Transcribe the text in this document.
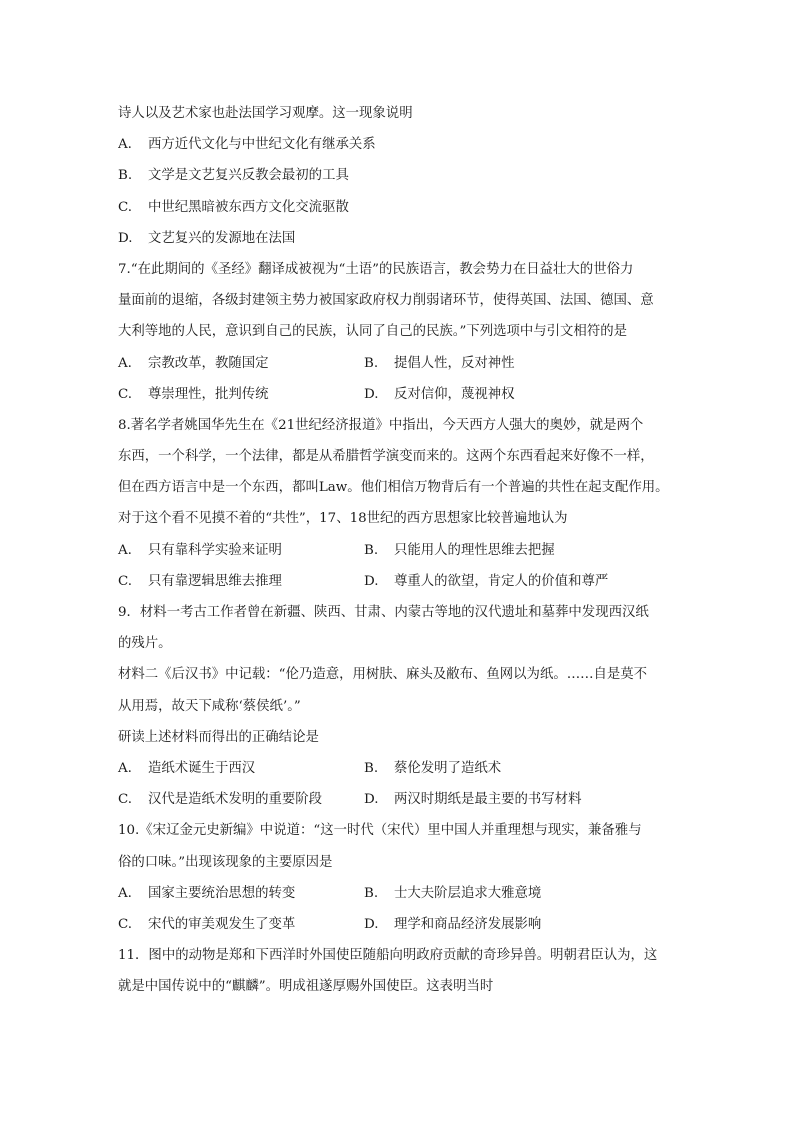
诗人以及艺术家也赴法国学习观摩。这一现象说明
A. 西方近代文化与中世纪文化有继承关系
B. 文学是文艺复兴反教会最初的工具
C. 中世纪黑暗被东西方文化交流驱散
D. 文艺复兴的发源地在法国
7.“在此期间的《圣经》翻译成被视为“土语”的民族语言，教会势力在日益壮大的世俗力
量面前的退缩，各级封建领主势力被国家政府权力削弱诸环节，使得英国、法国、德国、意
大利等地的人民，意识到自己的民族，认同了自己的民族。”下列选项中与引文相符的是
A. 宗教改革，教随国定	B. 提倡人性，反对神性
C. 尊崇理性，批判传统	D. 反对信仰，蔑视神权
8.著名学者姚国华先生在《21世纪经济报道》中指出，今天西方人强大的奥妙，就是两个
东西，一个科学，一个法律，都是从希腊哲学演变而来的。这两个东西看起来好像不一样，
但在西方语言中是一个东西，都叫Law。他们相信万物背后有一个普遍的共性在起支配作用。
对于这个看不见摸不着的“共性”，17、18世纪的西方思想家比较普遍地认为
A. 只有靠科学实验来证明	B. 只能用人的理性思维去把握
C. 只有靠逻辑思维去推理	D. 尊重人的欲望，肯定人的价值和尊严
9．材料一考古工作者曾在新疆、陕西、甘肃、内蒙古等地的汉代遗址和墓葬中发现西汉纸
的残片。
材料二《后汉书》中记载：“伦乃造意，用树肤、麻头及敝布、鱼网以为纸。……自是莫不
从用焉，故天下咸称‘蔡侯纸’。”
研读上述材料而得出的正确结论是
A. 造纸术诞生于西汉	B. 蔡伦发明了造纸术
C. 汉代是造纸术发明的重要阶段	D. 两汉时期纸是最主要的书写材料
10.《宋辽金元史新编》中说道：“这一时代（宋代）里中国人并重理想与现实，兼备雅与
俗的口味。”出现该现象的主要原因是
A. 国家主要统治思想的转变	B. 士大夫阶层追求大雅意境
C. 宋代的审美观发生了变革	D. 理学和商品经济发展影响
11．图中的动物是郑和下西洋时外国使臣随船向明政府贡献的奇珍异兽。明朝君臣认为，这
就是中国传说中的“麒麟”。明成祖遂厚赐外国使臣。这表明当时
